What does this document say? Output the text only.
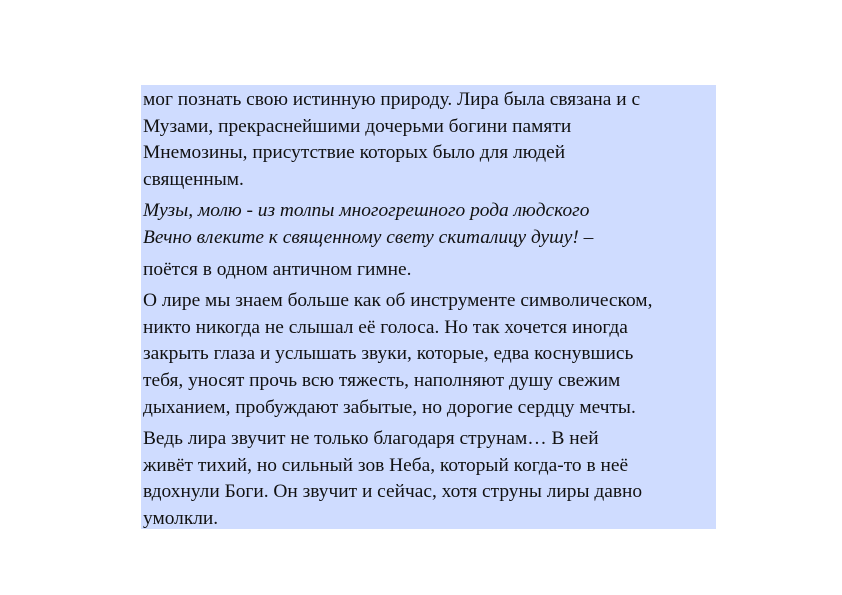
мог познать свою истинную природу. Лира была связана и с
Музами, прекраснейшими дочерьми богини памяти
Мнемозины, присутствие которых было для людей
священным.

Музы, молю - из толпы многогрешного рода людского
Вечно влеките к священному свету скиталицу душу! –

поётся в одном античном гимне.

О лире мы знаем больше как об инструменте символическом,
никто никогда не слышал её голоса. Но так хочется иногда
закрыть глаза и услышать звуки, которые, едва коснувшись
тебя, уносят прочь всю тяжесть, наполняют душу свежим
дыханием, пробуждают забытые, но дорогие сердцу мечты.

Ведь лира звучит не только благодаря струнам… В ней
живёт тихий, но сильный зов Неба, который когда-то в неё
вдохнули Боги. Он звучит и сейчас, хотя струны лиры давно
умолкли.
